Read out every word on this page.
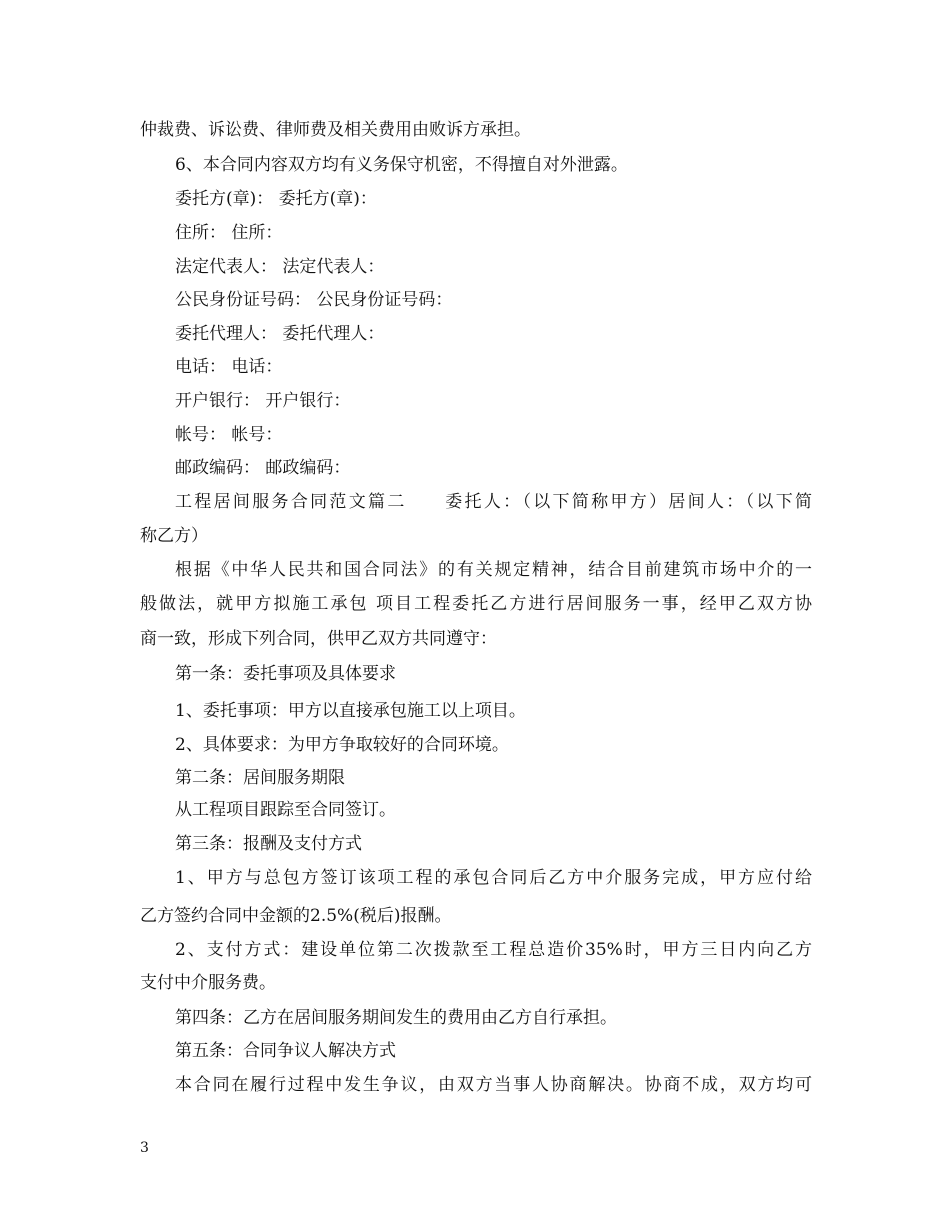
仲裁费、诉讼费、律师费及相关费用由败诉方承担。
6、本合同内容双方均有义务保守机密，不得擅自对外泄露。
委托方(章)： 委托方(章)：
住所： 住所：
法定代表人： 法定代表人：
公民身份证号码： 公民身份证号码：
委托代理人： 委托代理人：
电话： 电话：
开户银行： 开户银行：
帐号： 帐号：
邮政编码： 邮政编码：
工程居间服务合同范文篇二　　委托人：（以下简称甲方）居间人：（以下简
称乙方）
根据《中华人民共和国合同法》的有关规定精神，结合目前建筑市场中介的一
般做法，就甲方拟施工承包 项目工程委托乙方进行居间服务一事，经甲乙双方协
商一致，形成下列合同，供甲乙双方共同遵守：
第一条：委托事项及具体要求
1、委托事项：甲方以直接承包施工以上项目。
2、具体要求：为甲方争取较好的合同环境。
第二条：居间服务期限
从工程项目跟踪至合同签订。
第三条：报酬及支付方式
1、甲方与总包方签订该项工程的承包合同后乙方中介服务完成，甲方应付给
乙方签约合同中金额的2.5%(税后)报酬。
2、支付方式：建设单位第二次拨款至工程总造价35%时，甲方三日内向乙方
支付中介服务费。
第四条：乙方在居间服务期间发生的费用由乙方自行承担。
第五条：合同争议人解决方式
本合同在履行过程中发生争议，由双方当事人协商解决。协商不成，双方均可
3
